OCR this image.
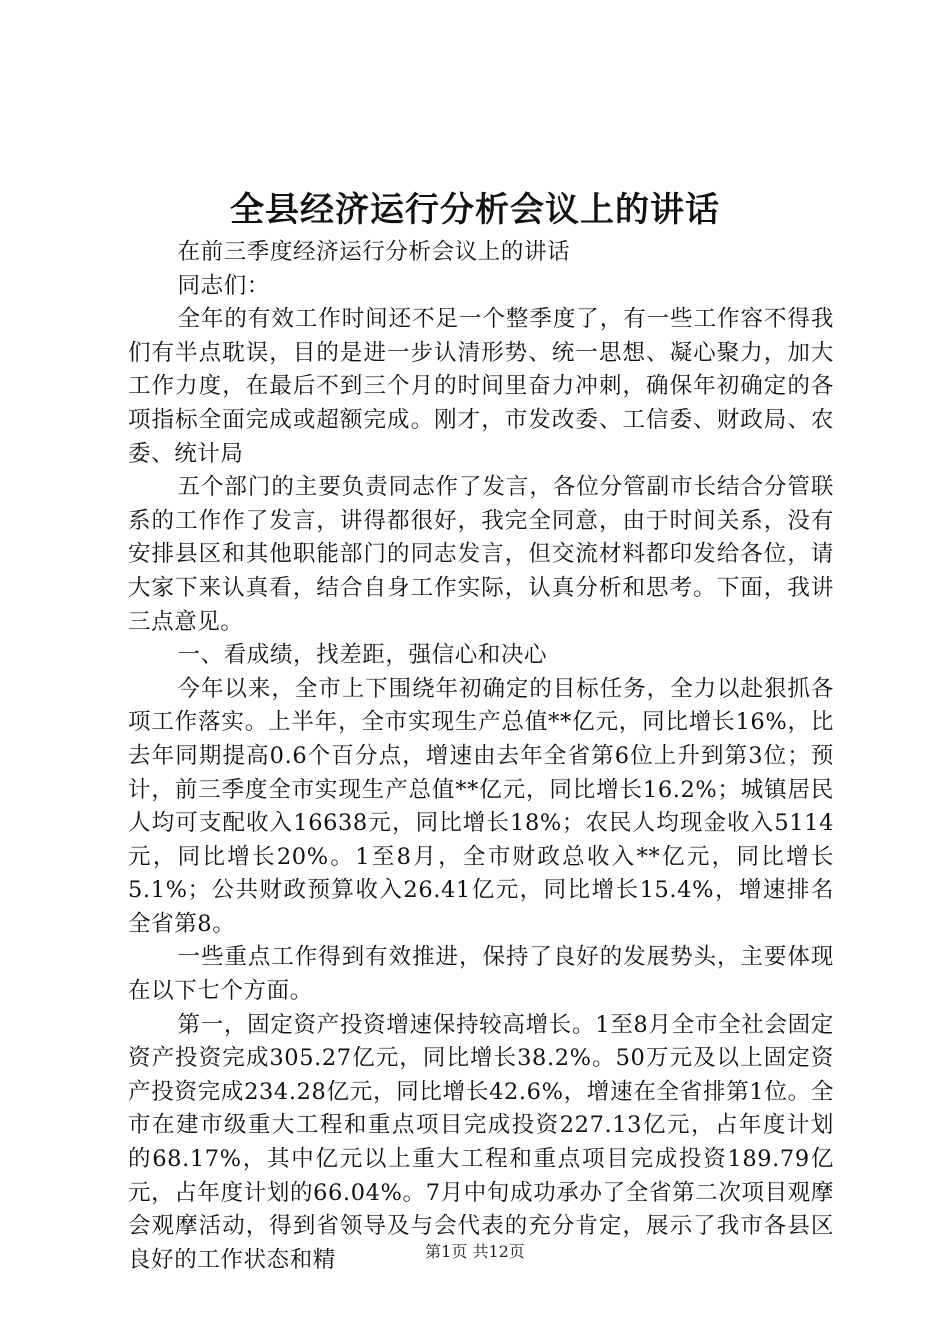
全县经济运行分析会议上的讲话

在前三季度经济运行分析会议上的讲话

同志们：

全年的有效工作时间还不足一个整季度了，有一些工作容不得我们有半点耽误，目的是进一步认清形势、统一思想、凝心聚力，加大工作力度，在最后不到三个月的时间里奋力冲刺，确保年初确定的各项指标全面完成或超额完成。刚才，市发改委、工信委、财政局、农委、统计局

五个部门的主要负责同志作了发言，各位分管副市长结合分管联系的工作作了发言，讲得都很好，我完全同意，由于时间关系，没有安排县区和其他职能部门的同志发言，但交流材料都印发给各位，请大家下来认真看，结合自身工作实际，认真分析和思考。下面，我讲三点意见。

一、看成绩，找差距，强信心和决心

今年以来，全市上下围绕年初确定的目标任务，全力以赴狠抓各项工作落实。上半年，全市实现生产总值**亿元，同比增长16%，比去年同期提高0.6个百分点，增速由去年全省第6位上升到第3位；预计，前三季度全市实现生产总值**亿元，同比增长16.2%；城镇居民人均可支配收入16638元，同比增长18%；农民人均现金收入5114元，同比增长20%。1至8月，全市财政总收入**亿元，同比增长5.1%；公共财政预算收入26.41亿元，同比增长15.4%，增速排名全省第8。

一些重点工作得到有效推进，保持了良好的发展势头，主要体现在以下七个方面。

第一，固定资产投资增速保持较高增长。1至8月全市全社会固定资产投资完成305.27亿元，同比增长38.2%。50万元及以上固定资产投资完成234.28亿元，同比增长42.6%，增速在全省排第1位。全市在建市级重大工程和重点项目完成投资227.13亿元，占年度计划的68.17%，其中亿元以上重大工程和重点项目完成投资189.79亿元，占年度计划的66.04%。7月中旬成功承办了全省第二次项目观摩会观摩活动，得到省领导及与会代表的充分肯定，展示了我市各县区良好的工作状态和精	第1页 共12页
